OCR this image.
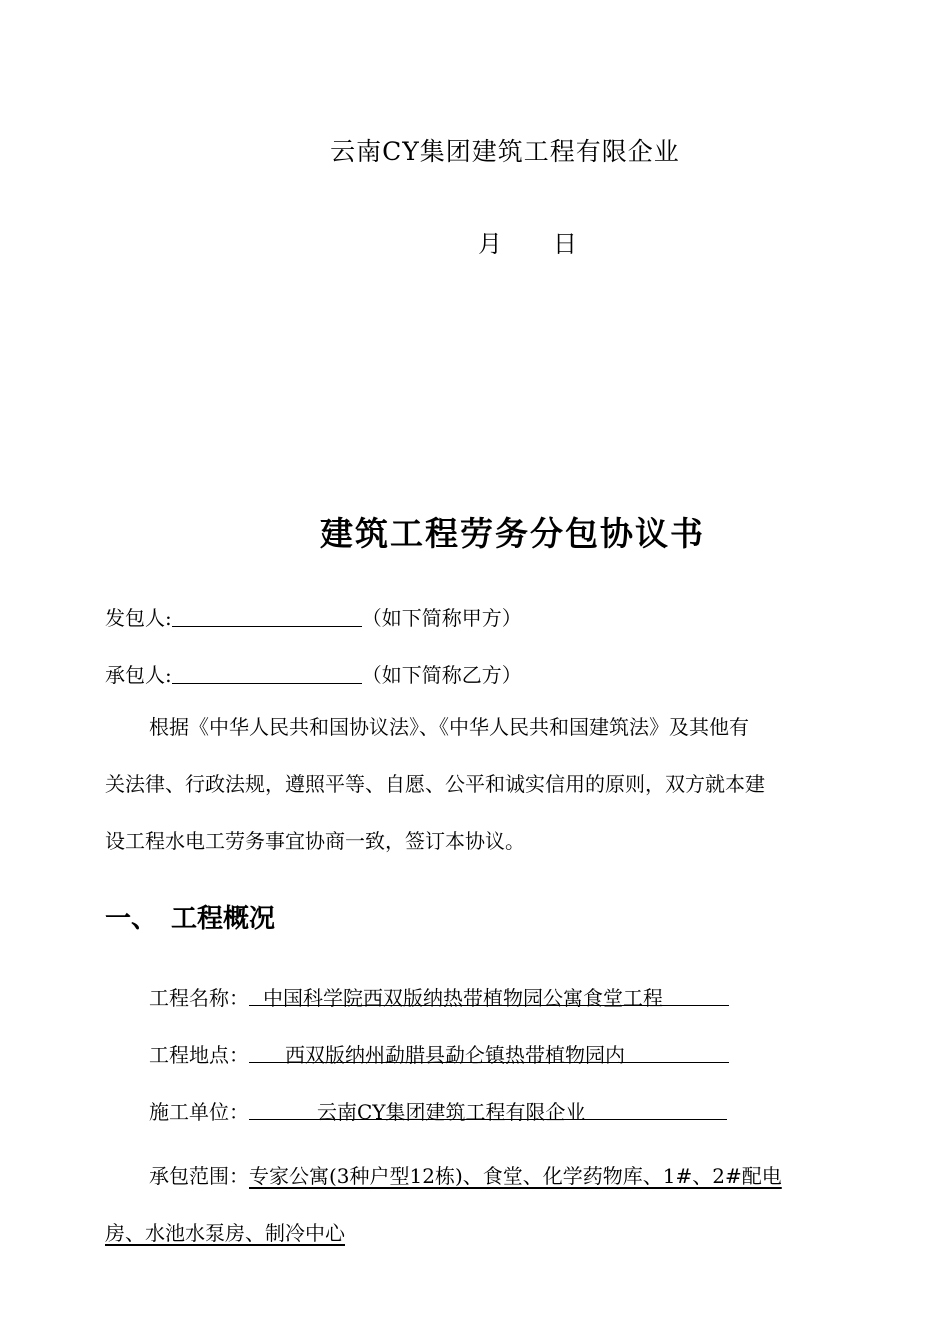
云南CY集团建筑工程有限企业
月 日
建筑工程劳务分包协议书
发包人:	（如下简称甲方）
承包人:	（如下简称乙方）

根据《中华人民共和国协议法》、《中华人民共和国建筑法》及其他有

关法律、行政法规，遵照平等、自愿、公平和诚实信用的原则，双方就本建

设工程水电工劳务事宜协商一致，签订本协议。

一、 工程概况
工程名称： 中国科学院西双版纳热带植物园公寓食堂工程
工程地点： 西双版纳州勐腊县勐仑镇热带植物园内
施工单位：	云南CY集团建筑工程有限企业

承包范围：专家公寓(3种户型12栋)、食堂、化学药物库、1#、2#配电

房、水池水泵房、制冷中心
